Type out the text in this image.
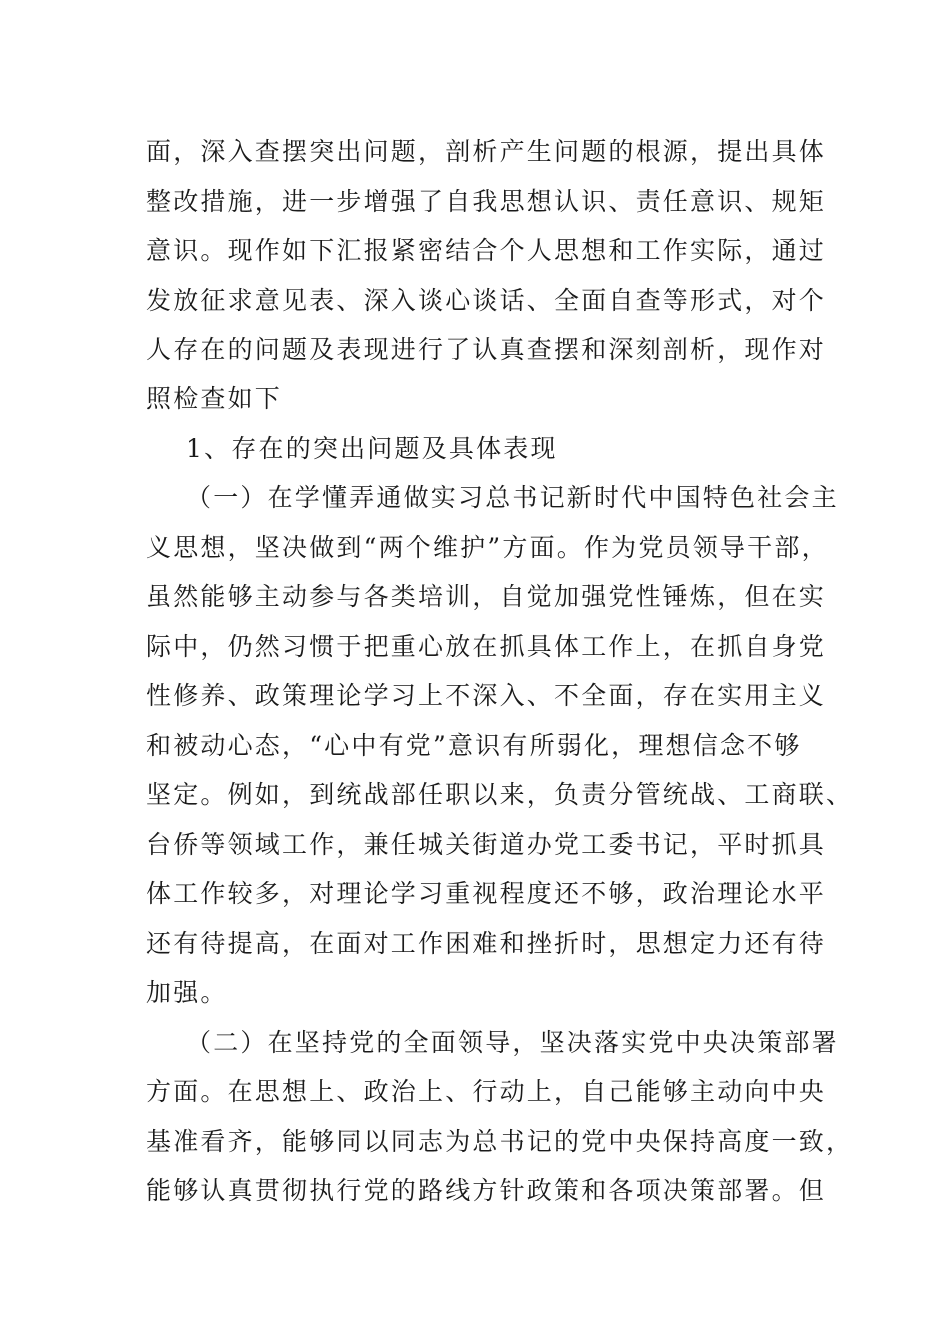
面，深入查摆突出问题，剖析产生问题的根源，提出具体
整改措施，进一步增强了自我思想认识、责任意识、规矩
意识。现作如下汇报紧密结合个人思想和工作实际，通过
发放征求意见表、深入谈心谈话、全面自查等形式，对个
人存在的问题及表现进行了认真查摆和深刻剖析，现作对
照检查如下
1、存在的突出问题及具体表现
（一）在学懂弄通做实习总书记新时代中国特色社会主
义思想，坚决做到“两个维护”方面。作为党员领导干部，
虽然能够主动参与各类培训，自觉加强党性锤炼，但在实
际中，仍然习惯于把重心放在抓具体工作上，在抓自身党
性修养、政策理论学习上不深入、不全面，存在实用主义
和被动心态，“心中有党”意识有所弱化，理想信念不够
坚定。例如，到统战部任职以来，负责分管统战、工商联、
台侨等领域工作，兼任城关街道办党工委书记，平时抓具
体工作较多，对理论学习重视程度还不够，政治理论水平
还有待提高，在面对工作困难和挫折时，思想定力还有待
加强。
（二）在坚持党的全面领导，坚决落实党中央决策部署
方面。在思想上、政治上、行动上，自己能够主动向中央
基准看齐，能够同以同志为总书记的党中央保持高度一致，
能够认真贯彻执行党的路线方针政策和各项决策部署。但
